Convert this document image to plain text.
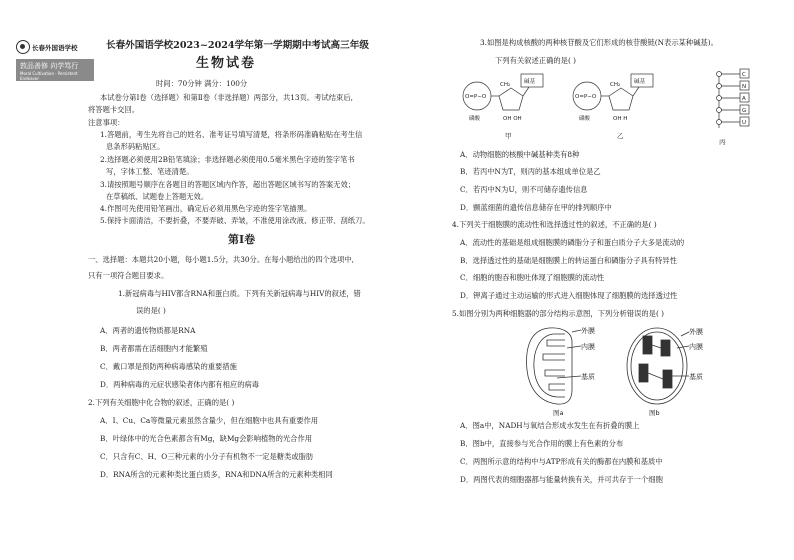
长春外国语学校
敦品善修 向学笃行
Moral Cultivation · Persistent Endeavor
长春外国语学校2023~2024学年第一学期期中考试高三年级
生物试卷
时间：70分钟 满分：100分
本试卷分第Ⅰ卷（选择题）和第Ⅱ卷（非选择题）两部分，共13页。考试结束后,
将答题卡交回。
注意事项：
1.答题前，考生先将自己的姓名、准考证号填写清楚，将条形码准确粘贴在考生信
息条形码粘贴区。
2.选择题必须使用2B铅笔填涂；非选择题必须使用0.5毫米黑色字迹的签字笔书
写，字体工整、笔迹清楚。
3.请按照题号顺序在各题目的答题区域内作答，超出答题区域书写的答案无效；
在草稿纸、试题卷上答题无效。
4.作图可先使用铅笔画出，确定后必须用黑色字迹的签字笔描黑。
5.保持卡面清洁，不要折叠，不要弄破、弄皱，不准使用涂改液、修正带、刮纸刀。
第Ⅰ卷
一、选择题：本题共20小题，每小题1.5分，共30分。在每小题给出的四个选项中,
只有一项符合题目要求。
1.新冠病毒与HIV都含RNA和蛋白质。下列有关新冠病毒与HIV的叙述，错
误的是( )
A．两者的遗传物质都是RNA
B．两者都需在活细胞内才能繁殖
C．戴口罩是预防两种病毒感染的重要措施
D．两种病毒的元症状感染者体内都有相应的病毒
2.下列有关细胞中化合物的叙述，正确的是( )
A．I、Cu、Ca等微量元素虽然含量少，但在细胞中也具有重要作用
B．叶绿体中的光合色素都含有Mg，缺Mg会影响植物的光合作用
C．只含有C、H、O三种元素的小分子有机物不一定是糖类或脂肪
D．RNA所含的元素种类比蛋白质多，RNA和DNA所含的元素种类相同
3.如图是构成核酸的两种核苷酸及它们形成的核苷酸链(N表示某种碱基)。
下列有关叙述正确的是( )
O=P−O
CH₂	碱基
OH OH
磷酸
甲
O=P−O
CH₂	碱基
OH H
磷酸
乙
C
N
A
G
U
丙
A．动物细胞的核酸中碱基种类有8种
B．若丙中N为T，则丙的基本组成单位是乙
C．若丙中N为U，则不可储存遗传信息
D．颤蓝细菌的遗传信息储存在甲的排列顺序中
4.下列关于细胞膜的流动性和选择透过性的叙述，不正确的是( )
A．流动性的基础是组成细胞膜的磷脂分子和蛋白质分子大多是流动的
B．选择透过性的基础是细胞膜上的转运蛋白和磷脂分子具有特异性
C．细胞的胞吞和胞吐体现了细胞膜的流动性
D．钾离子通过主动运输的形式进入细胞体现了细胞膜的选择透过性
5.如图分别为两种细胞器的部分结构示意图，下列分析错误的是( )
外膜
内膜
基质
图a
外膜
内膜
基质
图b
A．图a中，NADH与氧结合形成水发生在有折叠的膜上
B．图b中，直接参与光合作用的膜上有色素的分布
C．两图所示意的结构中与ATP形成有关的酶都在内膜和基质中
D．两图代表的细胞器都与能量转换有关，并可共存于一个细胞
